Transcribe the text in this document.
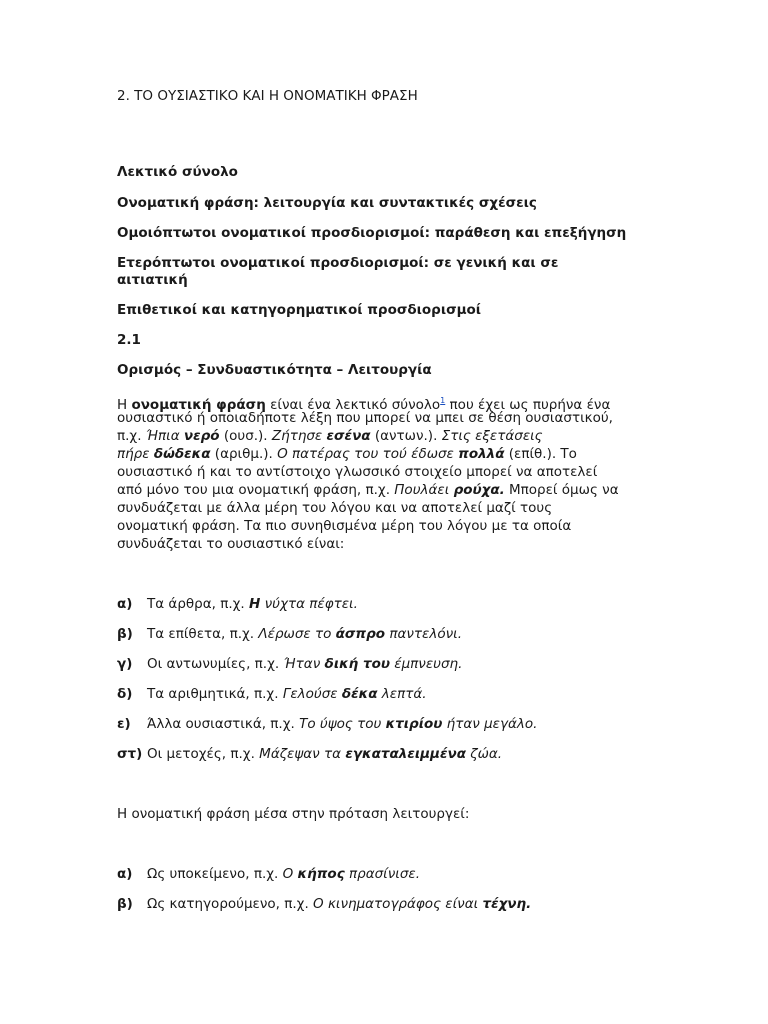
2. ΤΟ ΟΥΣΙΑΣΤΙΚΟ ΚΑΙ Η ΟΝΟΜΑΤΙΚΗ ΦΡΑΣΗ
Λεκτικό σύνολο
Ονοματική φράση: λειτουργία και συντακτικές σχέσεις
Ομοιόπτωτοι ονοματικοί προσδιορισμοί: παράθεση και επεξήγηση
Ετερόπτωτοι ονοματικοί προσδιορισμοί: σε γενική και σε
αιτιατική
Επιθετικοί και κατηγορηματικοί προσδιορισμοί
2.1
Ορισμός – Συνδυαστικότητα – Λειτουργία
Η ονοματική φράση είναι ένα λεκτικό σύνολο$^1$ που έχει ως πυρήνα ένα
ουσιαστικό ή οποιαδήποτε λέξη που μπορεί να μπει σε θέση ουσιαστικού,
π.χ. Ήπια νερό (ουσ.). Ζήτησε εσένα (αντων.). Στις εξετάσεις
πήρε δώδεκα (αριθμ.). Ο πατέρας του τού έδωσε πολλά (επίθ.). Το
ουσιαστικό ή και το αντίστοιχο γλωσσικό στοιχείο μπορεί να αποτελεί
από μόνο του μια ονοματική φράση, π.χ. Πουλάει ρούχα. Μπορεί όμως να
συνδυάζεται με άλλα μέρη του λόγου και να αποτελεί μαζί τους
ονοματική φράση. Τα πιο συνηθισμένα μέρη του λόγου με τα οποία
συνδυάζεται το ουσιαστικό είναι:
α) Τα άρθρα, π.χ. Η νύχτα πέφτει.
β) Τα επίθετα, π.χ. Λέρωσε το άσπρο παντελόνι.
γ) Οι αντωνυμίες, π.χ. Ήταν δική του έμπνευση.
δ) Τα αριθμητικά, π.χ. Γελούσε δέκα λεπτά.
ε) Άλλα ουσιαστικά, π.χ. Το ύψος του κτιρίου ήταν μεγάλο.
στ) Οι μετοχές, π.χ. Μάζεψαν τα εγκαταλειμμένα ζώα.
Η ονοματική φράση μέσα στην πρόταση λειτουργεί:
α) Ως υποκείμενο, π.χ. Ο κήπος πρασίνισε.
β) Ως κατηγορούμενο, π.χ. Ο κινηματογράφος είναι τέχνη.
